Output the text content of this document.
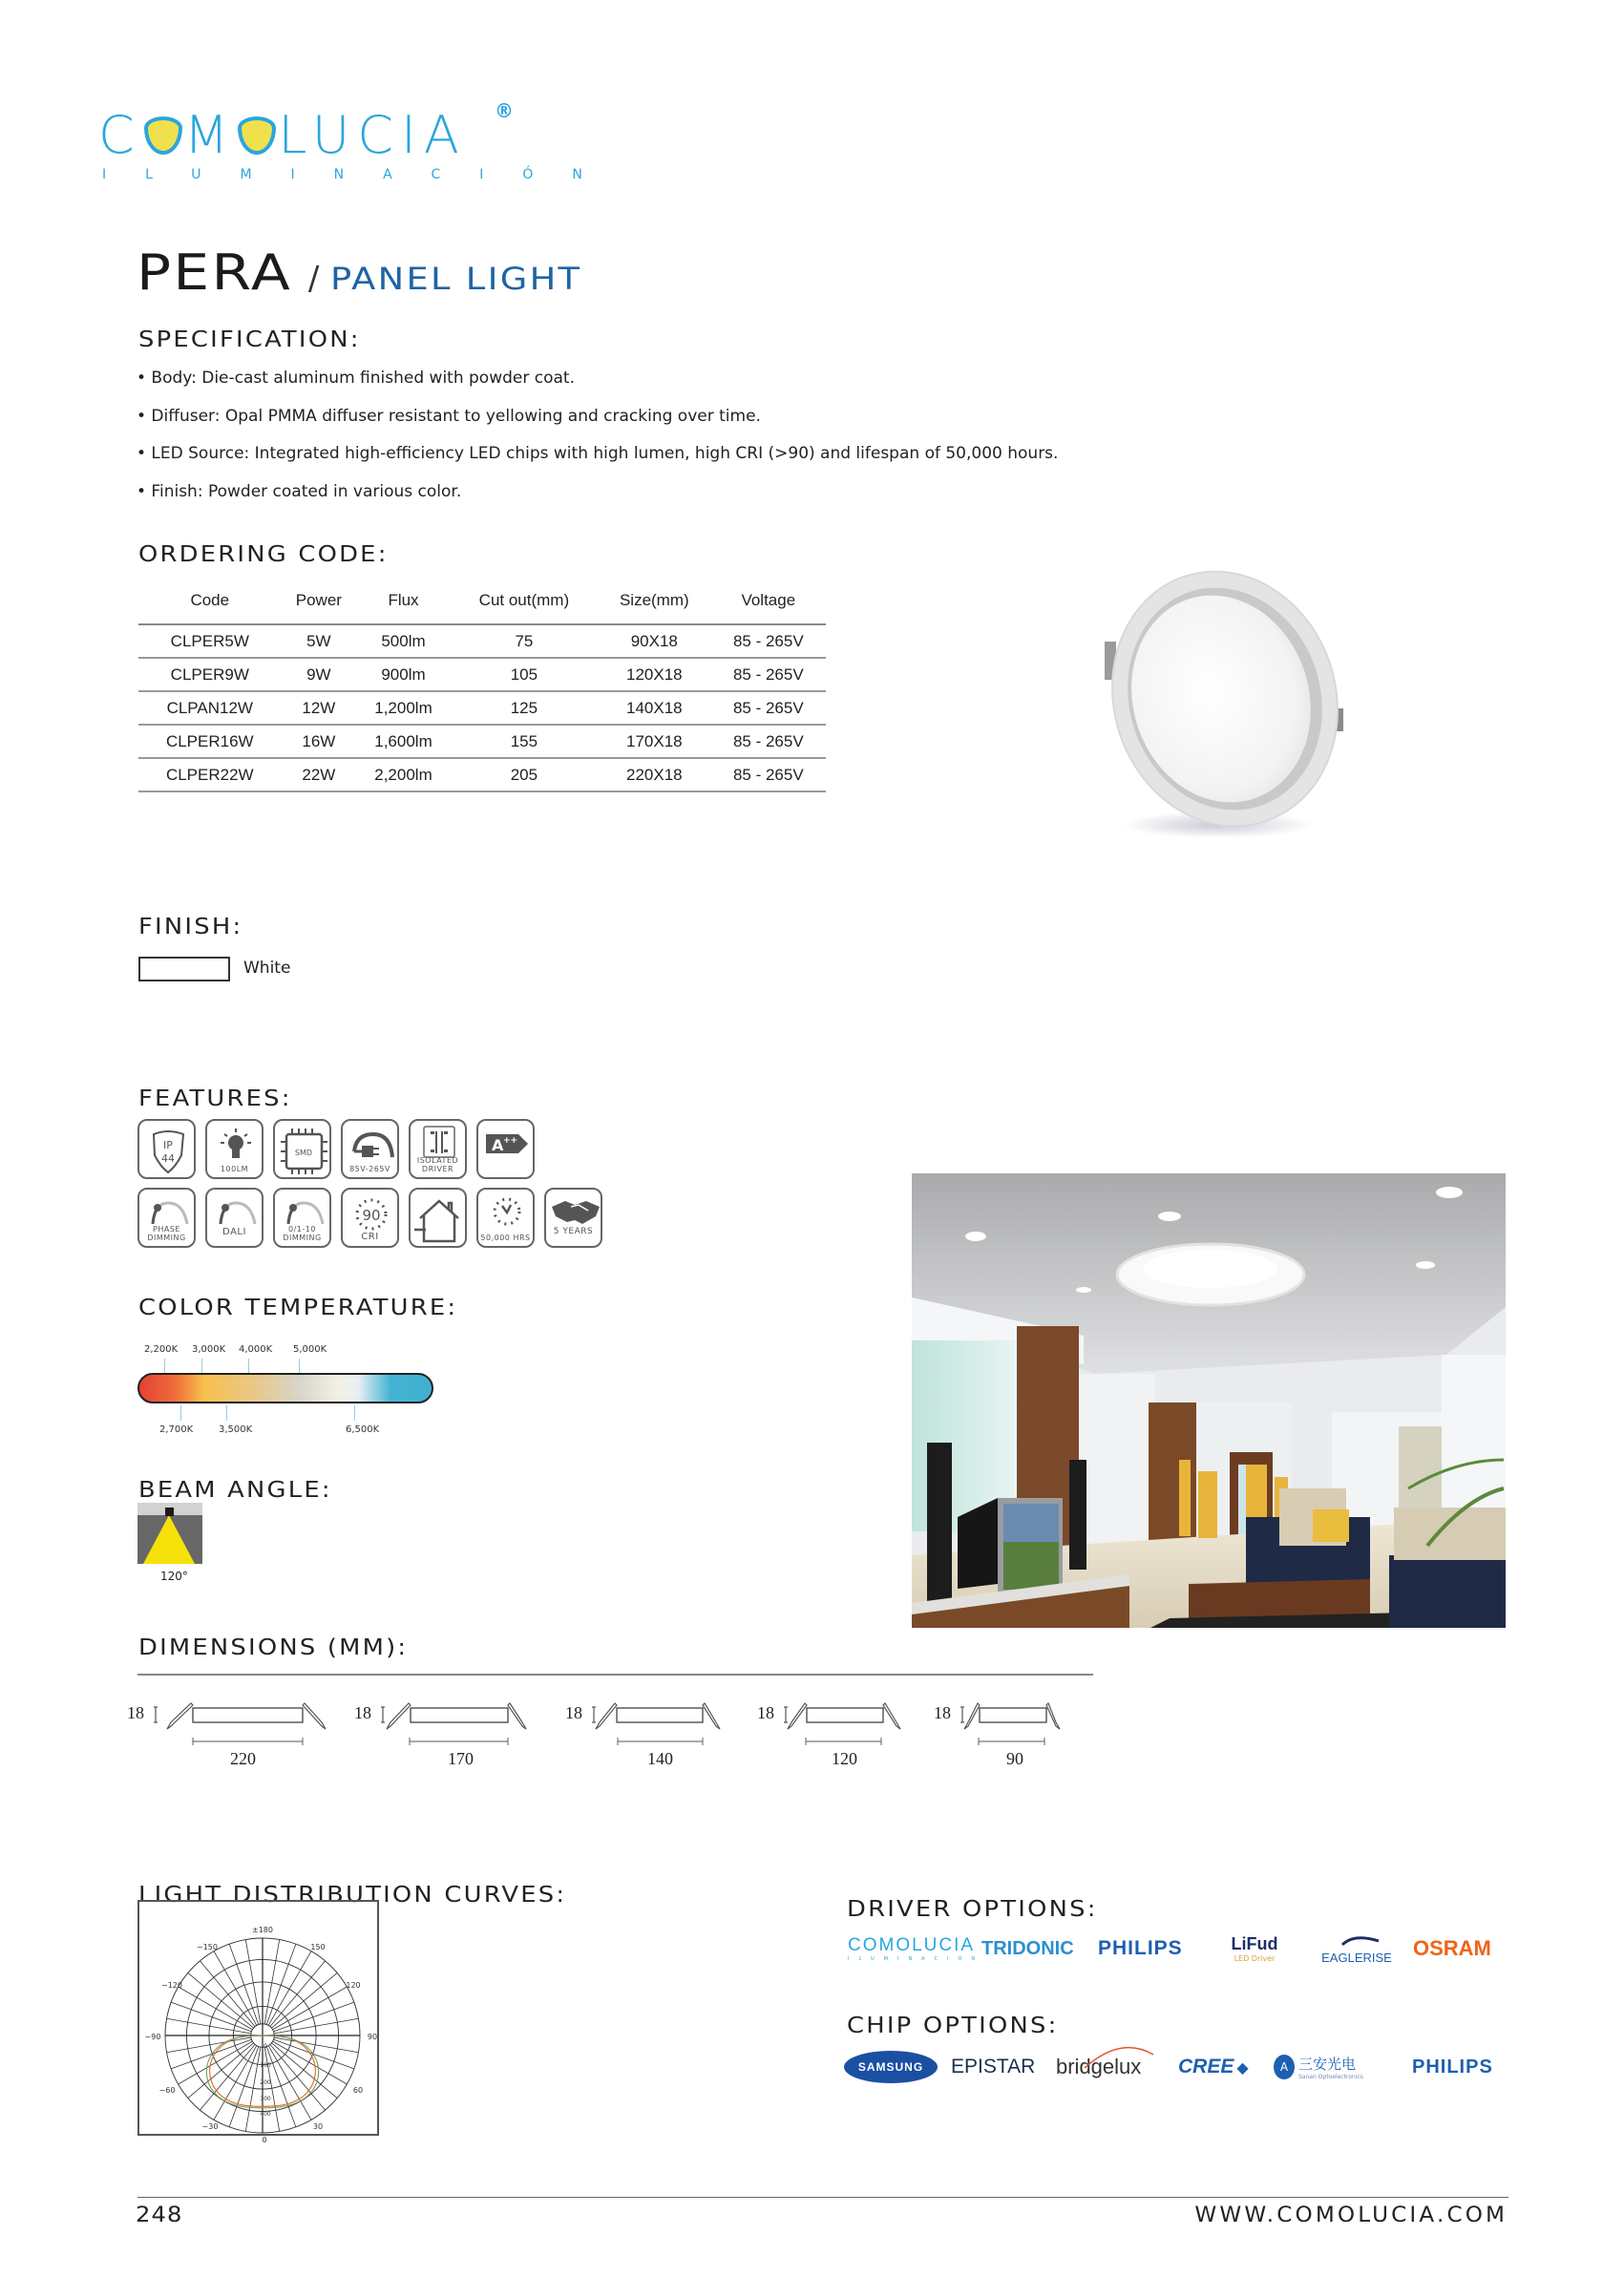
C M LUCIA	®
ILUMINACIÓN
PERA / PANEL LIGHT
SPECIFICATION:
• Body: Die-cast aluminum finished with powder coat.
• Diffuser: Opal PMMA diffuser resistant to yellowing and cracking over time.
• LED Source: Integrated high-efficiency LED chips with high lumen, high CRI (>90) and lifespan of 50,000 hours.
• Finish: Powder coated in various color.
ORDERING CODE:
Code	Power	Flux	Cut out(mm)	Size(mm)	Voltage
CLPER5W	5W	500lm	75	90X18	85 - 265V
CLPER9W	9W	900lm	105	120X18	85 - 265V
CLPAN12W	12W	1,200lm	125	140X18	85 - 265V
CLPER16W	16W	1,600lm	155	170X18	85 - 265V
CLPER22W	22W	2,200lm	205	220X18	85 - 265V
FINISH:
White
FEATURES:
IP
44
100LM
SMD
85V-265V
ISOLATED DRIVER
A ++
PHASE DIMMING
DALI	0/1-10 DIMMING
90
CRI	50,000 HRS
5 YEARS
COLOR TEMPERATURE:
2,200K 3,000K 4,000K 5,000K
2,700K	3,500K	6,500K
BEAM ANGLE:
120°
DIMENSIONS (MM):
18
220
18
170
18
140
18
120
18
90
LIGHT DISTRIBUTION CURVES:
±180
−150	150
−120	120
−90	90
−60	60
−30	30
0
0
100
200
300
400
DRIVER OPTIONS:
COMOLUCIA
ILUMINACIÓN
TRIDONIC	PHILIPS	LiFud
LED Driver	EAGLERISE	OSRAM
CHIP OPTIONS:
SAMSUNG EPISTAR bridgelux	CREE ◆	A 三安光电
Sanan Optoelectronics	PHILIPS
248	WWW.COMOLUCIA.COM
